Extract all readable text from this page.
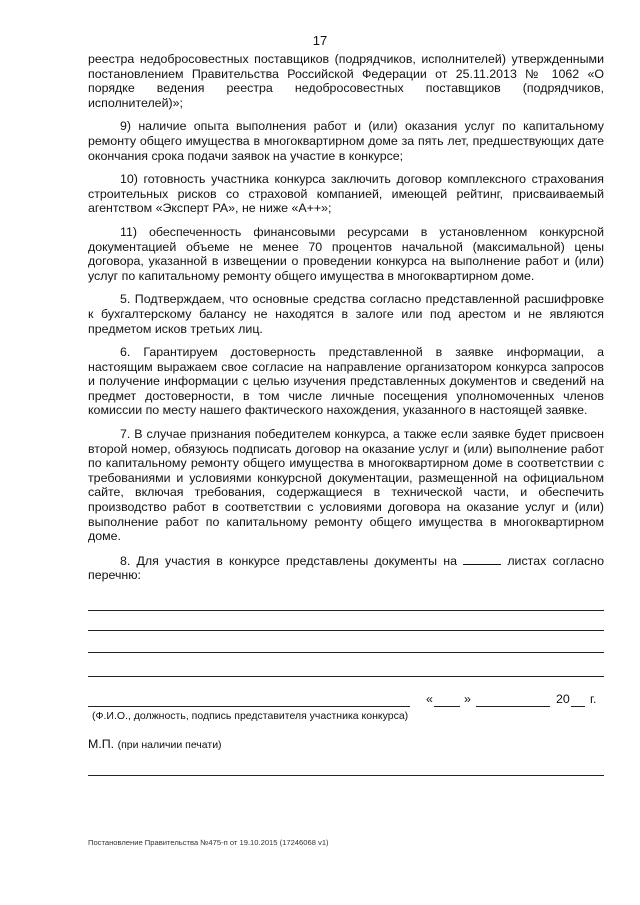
17

реестра недобросовестных поставщиков (подрядчиков, исполнителей) утвержденными постановлением Правительства Российской Федерации от 25.11.2013 № 1062 «О порядке ведения реестра недобросовестных поставщиков (подрядчиков, исполнителей)»;

9) наличие опыта выполнения работ и (или) оказания услуг по капитальному ремонту общего имущества в многоквартирном доме за пять лет, предшествующих дате окончания срока подачи заявок на участие в конкурсе;

10) готовность участника конкурса заключить договор комплексного страхования строительных рисков со страховой компанией, имеющей рейтинг, присваиваемый агентством «Эксперт РА», не ниже «А++»;

11) обеспеченность финансовыми ресурсами в установленном конкурсной документацией объеме не менее 70 процентов начальной (максимальной) цены договора, указанной в извещении о проведении конкурса на выполнение работ и (или) услуг по капитальному ремонту общего имущества в многоквартирном доме.

5. Подтверждаем, что основные средства согласно представленной расшифровке к бухгалтерскому балансу не находятся в залоге или под арестом и не являются предметом исков третьих лиц.

6. Гарантируем достоверность представленной в заявке информации, а настоящим выражаем свое согласие на направление организатором конкурса запросов и получение информации с целью изучения представленных документов и сведений на предмет достоверности, в том числе личные посещения уполномоченных членов комиссии по месту нашего фактического нахождения, указанного в настоящей заявке.

7. В случае признания победителем конкурса, а также если заявке будет присвоен второй номер, обязуюсь подписать договор на оказание услуг и (или) выполнение работ по капитальному ремонту общего имущества в многоквартирном доме в соответствии с требованиями и условиями конкурсной документации, размещенной на официальном сайте, включая требования, содержащиеся в технической части, и обеспечить производство работ в соответствии с условиями договора на оказание услуг и (или) выполнение работ по капитальному ремонту общего имущества в многоквартирном доме.

8. Для участия в конкурсе представлены документы на	листах согласно перечню:

«	»	20 г.
(Ф.И.О., должность, подпись представителя участника конкурса)
М.П. (при наличии печати)
Постановление Правительства №475-п от 19.10.2015 (17246068 v1)
